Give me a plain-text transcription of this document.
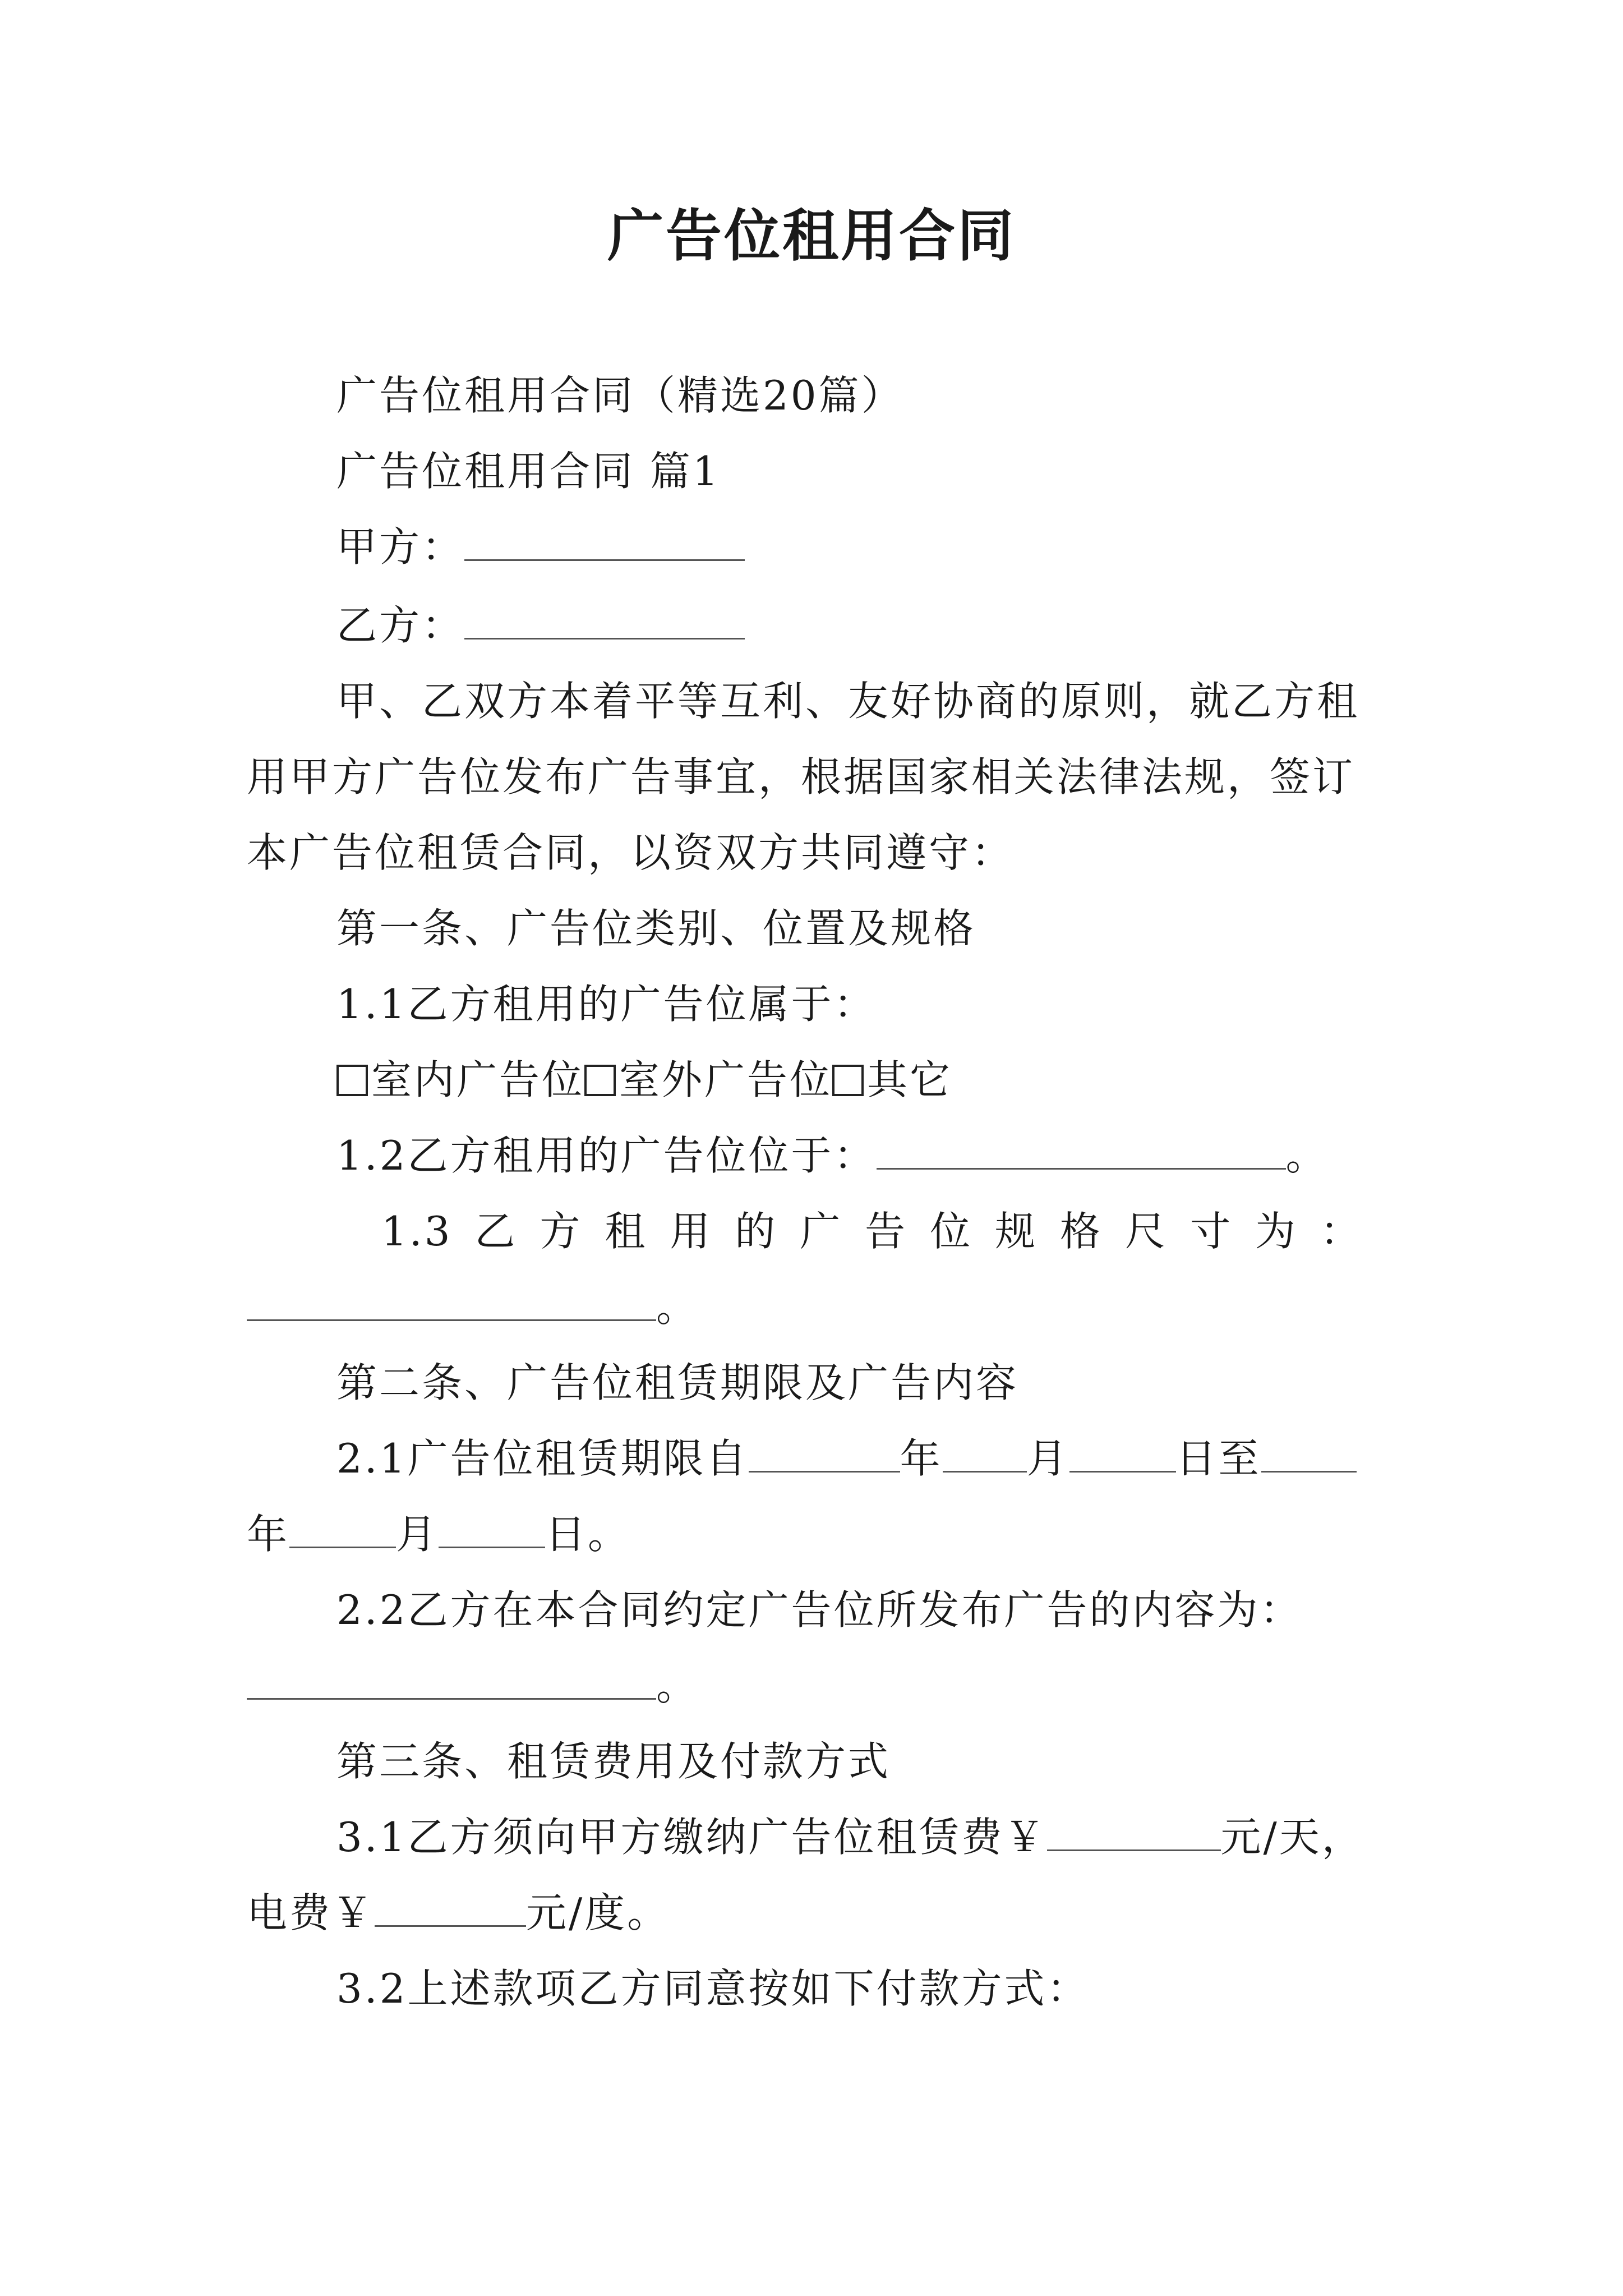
广告位租用合同
广告位租用合同（精选20篇）
广告位租用合同 篇1
甲方：
乙方：
甲、乙双方本着平等互利、友好协商的原则，就乙方租
用甲方广告位发布广告事宜，根据国家相关法律法规，签订
本广告位租赁合同，以资双方共同遵守：
第一条、广告位类别、位置及规格
1.1乙方租用的广告位属于：
室内广告位 室外广告位 其它
1.2乙方租用的广告位位于：	。
1.3 乙 方 租 用 的 广 告 位 规 格 尺 寸 为 ：
。
第二条、广告位租赁期限及广告内容
2.1广告位租赁期限自	年 月	日至
年	月	日。
2.2乙方在本合同约定广告位所发布广告的内容为：
。
第三条、租赁费用及付款方式
3.1乙方须向甲方缴纳广告位租赁费￥	元/天，
电费￥	元/度。
3.2上述款项乙方同意按如下付款方式：
